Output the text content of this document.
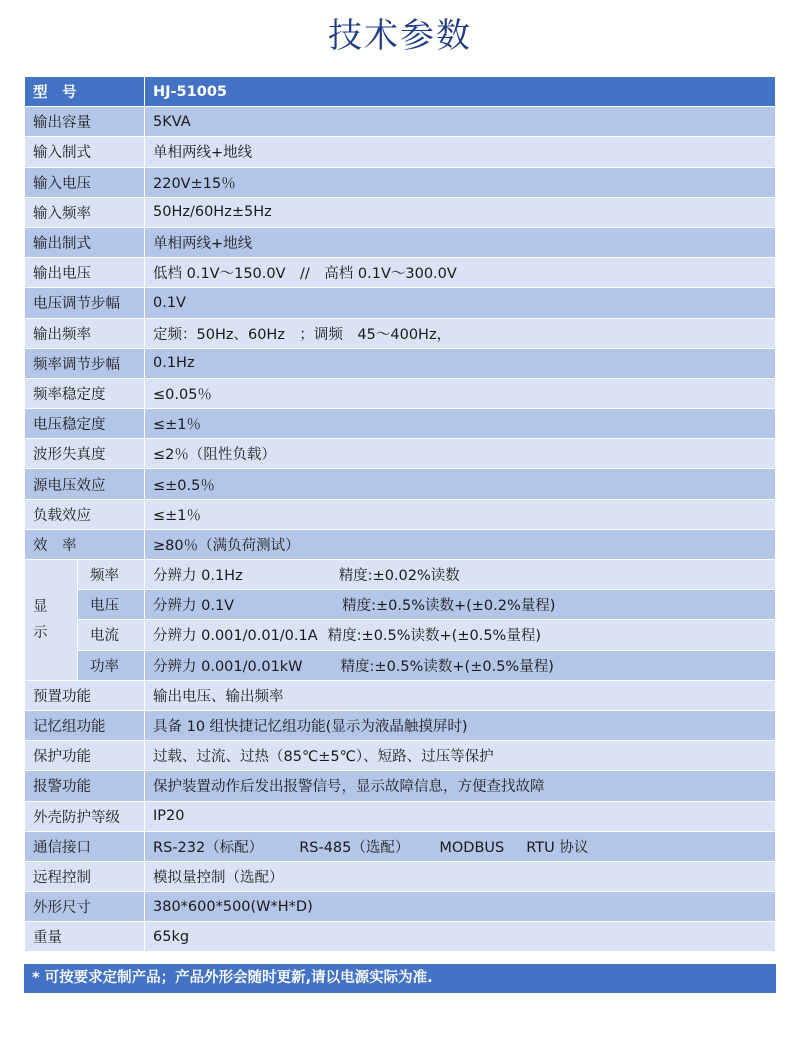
技术参数
型　号		HJ-51005
输出容量		5KVA
输入制式		单相两线+地线
输入电压		220V±15％
输入频率		50Hz/60Hz±5Hz
输出制式		单相两线+地线
输出电压		低档 0.1V～150.0V　//　高档 0.1V～300.0V
电压调节步幅		0.1V
输出频率		定频：50Hz、60Hz　；调频　45～400Hz，
频率调节步幅		0.1Hz
频率稳定度		≤0.05％
电压稳定度		≤±1％
波形失真度		≤2％（阻性负载）
源电压效应		≤±0.5％
负载效应		≤±1％
效　率		≥80％（满负荷测试）
显
示	频率	分辨力 0.1Hz 精度:±0.02%读数
	电压	分辨力 0.1V 精度:±0.5%读数+(±0.2%量程)
	电流	分辨力 0.001/0.01/0.1A 精度:±0.5%读数+(±0.5%量程)
	功率	分辨力 0.001/0.01kW 精度:±0.5%读数+(±0.5%量程)
预置功能		输出电压、输出频率
记忆组功能		具备 10 组快捷记忆组功能(显示为液晶触摸屏时)
保护功能		过载、过流、过热（85℃±5℃）、短路、过压等保护
报警功能		保护装置动作后发出报警信号，显示故障信息，方便查找故障
外壳防护等级		IP20
通信接口		RS-232（标配） RS-485（选配） MODBUS RTU 协议
远程控制		模拟量控制（选配）
外形尺寸		380*600*500(W*H*D)
重量		65kg
* 可按要求定制产品；产品外形会随时更新,请以电源实际为准.
